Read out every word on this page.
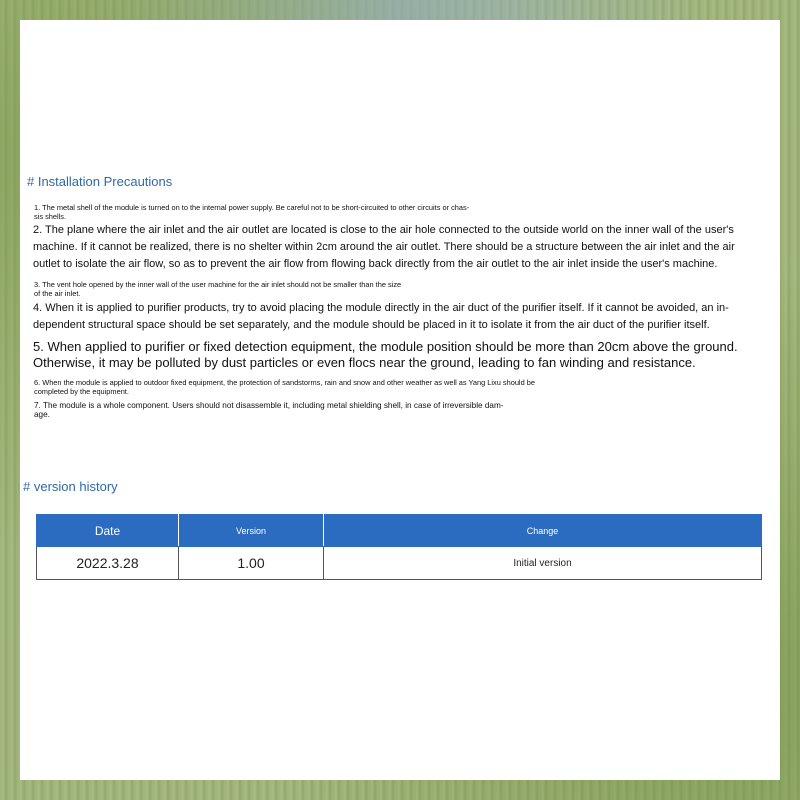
# Installation Precautions
1. The metal shell of the module is turned on to the internal power supply. Be careful not to be short-circuited to other circuits or chas-
sis shells.
2. The plane where the air inlet and the air outlet are located is close to the air hole connected to the outside world on the inner wall of the user's
machine. If it cannot be realized, there is no shelter within 2cm around the air outlet. There should be a structure between the air inlet and the air
outlet to isolate the air flow, so as to prevent the air flow from flowing back directly from the air outlet to the air inlet inside the user's machine.
3. The vent hole opened by the inner wall of the user machine for the air inlet should not be smaller than the size
of the air inlet.
4. When it is applied to purifier products, try to avoid placing the module directly in the air duct of the purifier itself. If it cannot be avoided, an in-
dependent structural space should be set separately, and the module should be placed in it to isolate it from the air duct of the purifier itself.
5. When applied to purifier or fixed detection equipment, the module position should be more than 20cm above the ground.
Otherwise, it may be polluted by dust particles or even flocs near the ground, leading to fan winding and resistance.
6. When the module is applied to outdoor fixed equipment, the protection of sandstorms, rain and snow and other weather as well as Yang Lixu should be
completed by the equipment.
7. The module is a whole component. Users should not disassemble it, including metal shielding shell, in case of irreversible dam-
age.
# version history
Date	Version	Change
2022.3.28	1.00	Initial version
